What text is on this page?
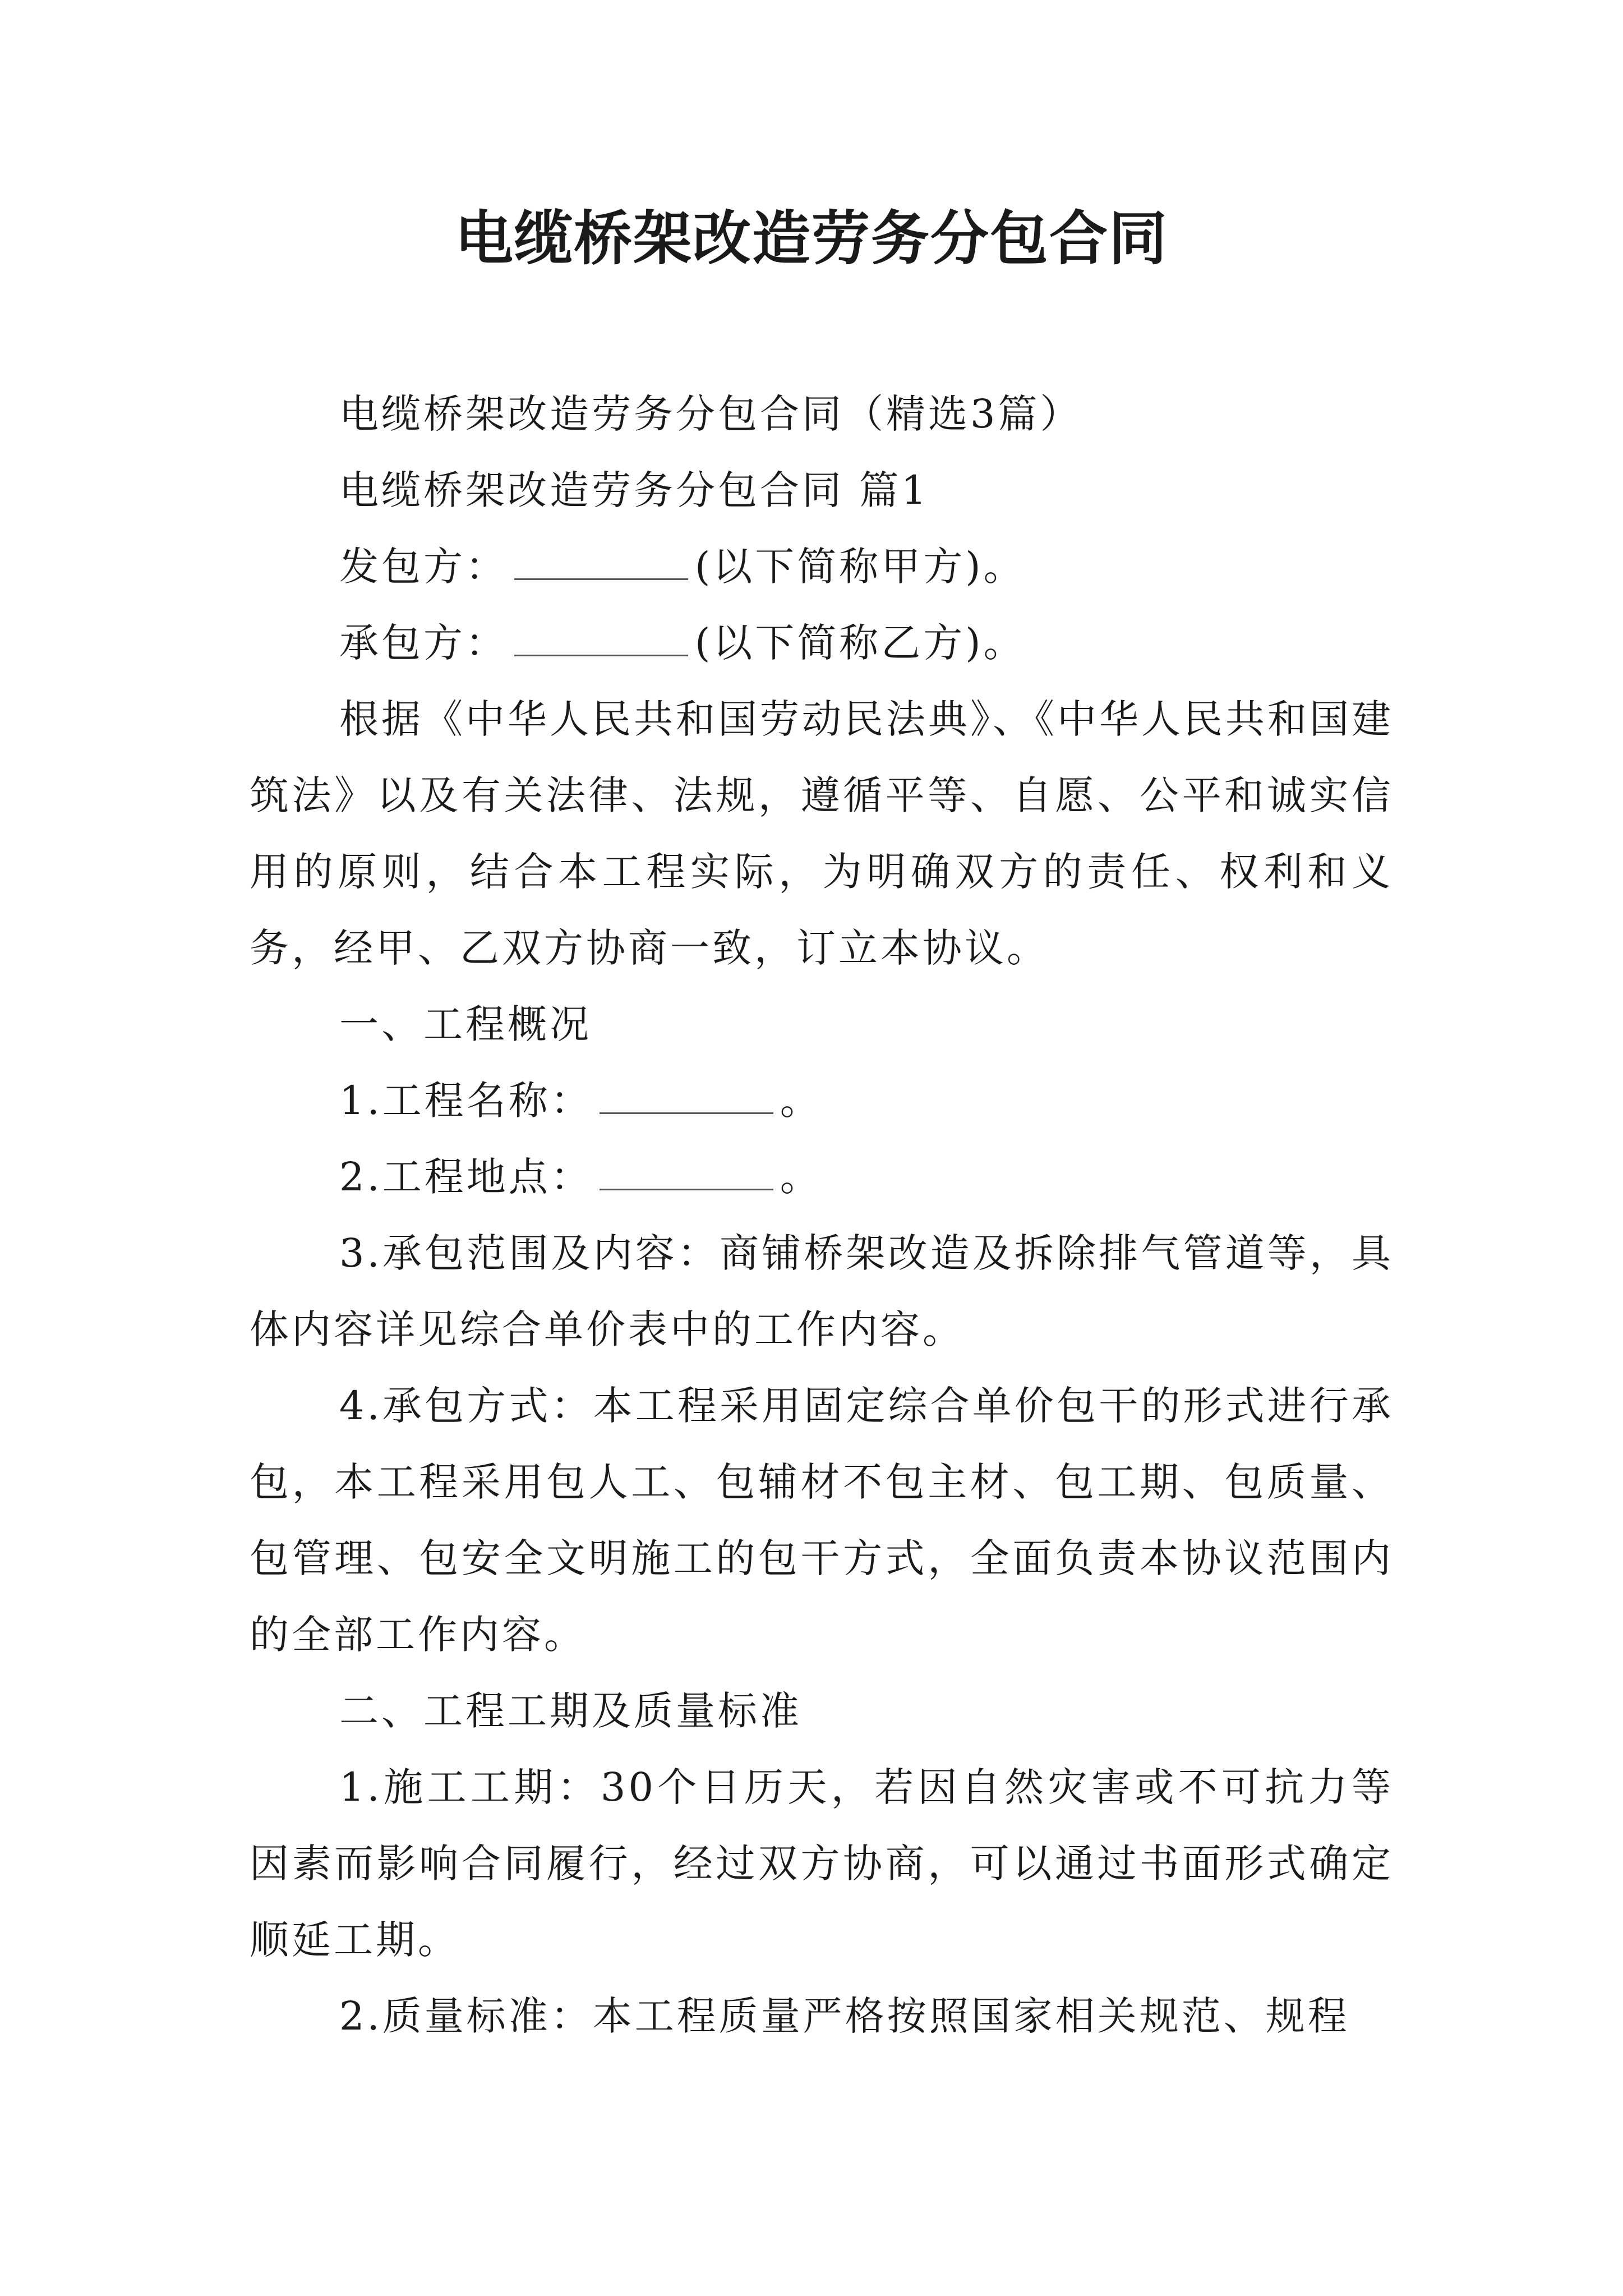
电缆桥架改造劳务分包合同

电缆桥架改造劳务分包合同（精选3篇）

电缆桥架改造劳务分包合同 篇1

发包方：	(以下简称甲方)。

承包方：	(以下简称乙方)。

根据《中华人民共和国劳动民法典》、《中华人民共和国建筑法》以及有关法律、法规，遵循平等、自愿、公平和诚实信用的原则，结合本工程实际，为明确双方的责任、权利和义务，经甲、乙双方协商一致，订立本协议。

一、工程概况

1.工程名称：	。

2.工程地点：	。

3.承包范围及内容：商铺桥架改造及拆除排气管道等，具体内容详见综合单价表中的工作内容。

4.承包方式：本工程采用固定综合单价包干的形式进行承包，本工程采用包人工、包辅材不包主材、包工期、包质量、包管理、包安全文明施工的包干方式，全面负责本协议范围内的全部工作内容。

二、工程工期及质量标准

1.施工工期：30个日历天，若因自然灾害或不可抗力等因素而影响合同履行，经过双方协商，可以通过书面形式确定顺延工期。

2.质量标准：本工程质量严格按照国家相关规范、规程
